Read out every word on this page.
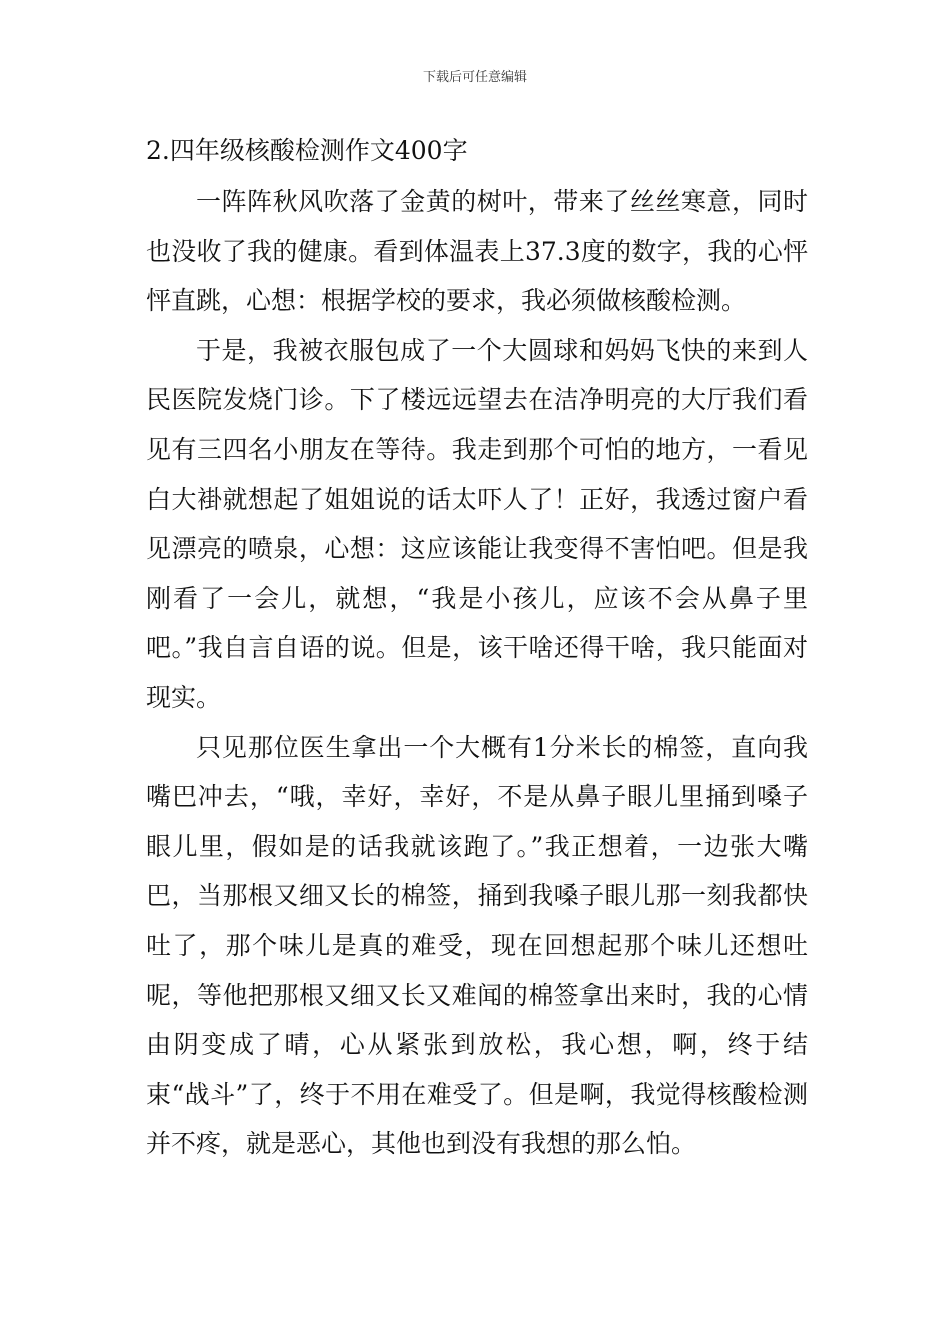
下载后可任意编辑
2.四年级核酸检测作文400字

一阵阵秋风吹落了金黄的树叶，带来了丝丝寒意，同时也没收了我的健康。看到体温表上37.3度的数字，我的心怦怦直跳，心想：根据学校的要求，我必须做核酸检测。

于是，我被衣服包成了一个大圆球和妈妈飞快的来到人民医院发烧门诊。下了楼远远望去在洁净明亮的大厅我们看见有三四名小朋友在等待。我走到那个可怕的地方，一看见白大褂就想起了姐姐说的话太吓人了！正好，我透过窗户看见漂亮的喷泉，心想：这应该能让我变得不害怕吧。但是我刚看了一会儿，就想，“我是小孩儿，应该不会从鼻子里吧。”我自言自语的说。但是，该干啥还得干啥，我只能面对现实。

只见那位医生拿出一个大概有1分米长的棉签，直向我嘴巴冲去，“哦，幸好，幸好，不是从鼻子眼儿里捅到嗓子眼儿里，假如是的话我就该跑了。”我正想着，一边张大嘴巴，当那根又细又长的棉签，捅到我嗓子眼儿那一刻我都快吐了，那个味儿是真的难受，现在回想起那个味儿还想吐呢，等他把那根又细又长又难闻的棉签拿出来时，我的心情由阴变成了晴，心从紧张到放松，我心想，啊，终于结束“战斗”了，终于不用在难受了。但是啊，我觉得核酸检测并不疼，就是恶心，其他也到没有我想的那么怕。
